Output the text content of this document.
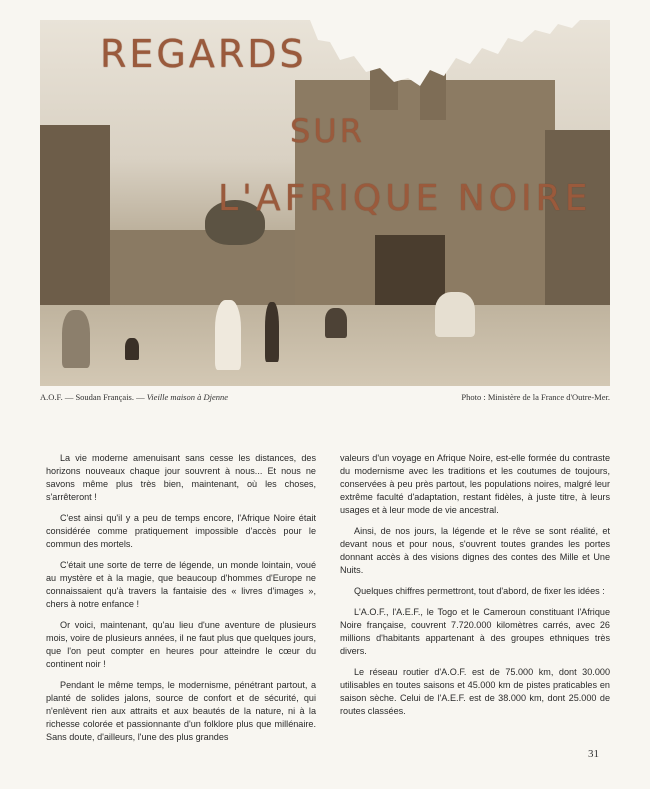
REGARDS
SUR
L'AFRIQUE NOIRE
A.O.F. — Soudan Français. — Vieille maison à Djenne	Photo : Ministère de la France d'Outre-Mer.

La vie moderne amenuisant sans cesse les distances, des horizons nouveaux chaque jour souvrent à nous... Et nous ne savons même plus très bien, maintenant, où les choses, s'arrêteront !

C'est ainsi qu'il y a peu de temps encore, l'Afrique Noire était considérée comme pratiquement impossible d'accès pour le commun des mortels.

C'était une sorte de terre de légende, un monde lointain, voué au mystère et à la magie, que beaucoup d'hommes d'Europe ne connaissaient qu'à travers la fantaisie des « livres d'images », chers à notre enfance !

Or voici, maintenant, qu'au lieu d'une aventure de plusieurs mois, voire de plusieurs années, il ne faut plus que quelques jours, que l'on peut compter en heures pour atteindre le cœur du continent noir !

Pendant le même temps, le modernisme, pénétrant partout, a planté de solides jalons, source de confort et de sécurité, qui n'enlèvent rien aux attraits et aux beautés de la nature, ni à la richesse colorée et passionnante d'un folklore plus que millénaire. Sans doute, d'ailleurs, l'une des plus grandes

valeurs d'un voyage en Afrique Noire, est-elle formée du contraste du modernisme avec les traditions et les coutumes de toujours, conservées à peu près partout, les populations noires, malgré leur extrême faculté d'adaptation, restant fidèles, à juste titre, à leurs usages et à leur mode de vie ancestral.

Ainsi, de nos jours, la légende et le rêve se sont réalité, et devant nous et pour nous, s'ouvrent toutes grandes les portes donnant accès à des visions dignes des contes des Mille et Une Nuits.

Quelques chiffres permettront, tout d'abord, de fixer les idées :

L'A.O.F., l'A.E.F., le Togo et le Cameroun constituant l'Afrique Noire française, couvrent 7.720.000 kilomètres carrés, avec 26 millions d'habitants appartenant à des groupes ethniques très divers.

Le réseau routier d'A.O.F. est de 75.000 km, dont 30.000 utilisables en toutes saisons et 45.000 km de pistes praticables en saison sèche. Celui de l'A.E.F. est de 38.000 km, dont 25.000 de routes classées.

31
